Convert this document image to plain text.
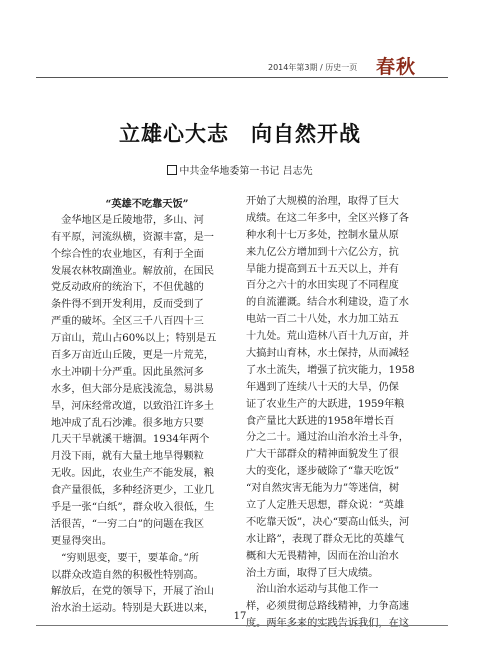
2014年第3期 / 历史一页 春秋
立雄心大志　向自然开战
中共金华地委第一书记 吕志先
“英雄不吃靠天饭”
　金华地区是丘陵地带，多山、河
有平原，河流纵横，资源丰富，是一
个综合性的农业地区，有利于全面
发展农林牧副渔业。解放前，在国民
党反动政府的统治下，不但优越的
条件得不到开发利用，反而受到了
严重的破坏。全区三千八百四十三
万亩山，荒山占60%以上；特别是五
百多万亩近山丘陵，更是一片荒芜，
水土冲刷十分严重。因此虽然河多
水多，但大部分是底浅流急，易洪易
旱，河床经常改道，以致沿江许多土
地冲成了乱石沙滩。很多地方只要
几天干旱就溪干塘涸。1934年两个
月没下雨，就有大量土地旱得颗粒
无收。因此，农业生产不能发展，粮
食产量很低，多种经济更少，工业几
乎是一张“白纸”，群众收入很低，生
活很苦，“一穷二白”的问题在我区
更显得突出。
　“穷则思变，要干，要革命。”所
以群众改造自然的积极性特别高。
解放后，在党的领导下，开展了治山
治水治土运动。特别是大跃进以来，
开始了大规模的治理，取得了巨大
成绩。在这二年多中，全区兴修了各
种水利十七万多处，控制水量从原
来九亿公方增加到十六亿公方，抗
旱能力提高到五十五天以上，并有
百分之六十的水田实现了不同程度
的自流灌溉。结合水利建设，造了水
电站一百二十八处，水力加工站五
十九处。荒山造林八百十九万亩，并
大搞封山育林，水土保持，从而减轻
了水土流失，增强了抗灾能力，1958
年遇到了连续八十天的大旱，仍保
证了农业生产的大跃进，1959年粮
食产量比大跃进的1958年增长百
分之二十。通过治山治水治土斗争，
广大干部群众的精神面貌发生了很
大的变化，逐步破除了“靠天吃饭”
“对自然灾害无能为力”等迷信，树
立了人定胜天思想，群众说：“英雄
不吃靠天饭”，决心“要高山低头，河
水让路”，表现了群众无比的英雄气
概和大无畏精神，因而在治山治水
治土方面，取得了巨大成绩。
　治山治水运动与其他工作一
样，必须贯彻总路线精神，力争高速
度。两年多来的实践告诉我们，在这
17
